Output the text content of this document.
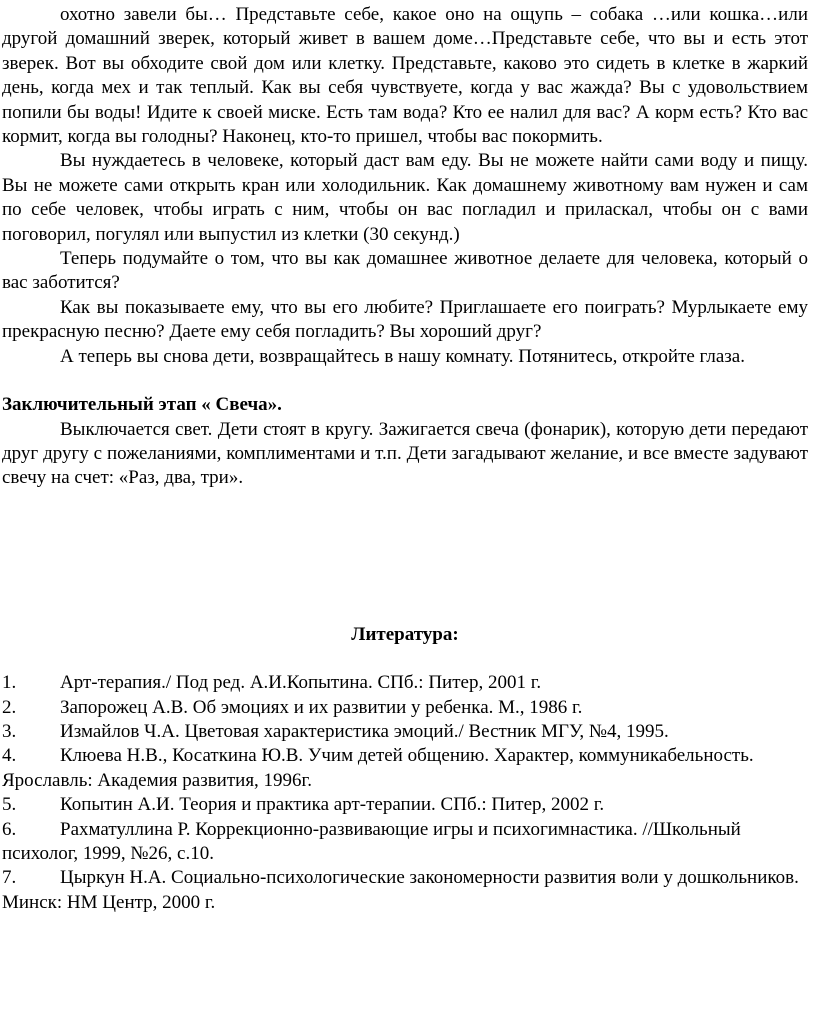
охотно завели бы… Представьте себе, какое оно на ощупь – собака …или кошка…или другой домашний зверек, который живет в вашем доме…Представьте себе, что вы и есть этот зверек. Вот вы обходите свой дом или клетку. Представьте, каково это сидеть в клетке в жаркий день, когда мех и так теплый. Как вы себя чувствуете, когда у вас жажда? Вы с удовольствием попили бы воды! Идите к своей миске. Есть там вода? Кто ее налил для вас? А корм есть? Кто вас кормит, когда вы голодны? Наконец, кто-то пришел, чтобы вас покормить.

Вы нуждаетесь в человеке, который даст вам еду. Вы не можете найти сами воду и пищу. Вы не можете сами открыть кран или холодильник. Как домашнему животному вам нужен и сам по себе человек, чтобы играть с ним, чтобы он вас погладил и приласкал, чтобы он с вами поговорил, погулял или выпустил из клетки (30 секунд.)

Теперь подумайте о том, что вы как домашнее животное делаете для человека, который о вас заботится?

Как вы показываете ему, что вы его любите? Приглашаете его поиграть? Мурлыкаете ему прекрасную песню? Даете ему себя погладить? Вы хороший друг?

А теперь вы снова дети, возвращайтесь в нашу комнату. Потянитесь, откройте глаза.

Заключительный этап « Свеча».

Выключается свет. Дети стоят в кругу. Зажигается свеча (фонарик), которую дети передают друг другу с пожеланиями, комплиментами и т.п. Дети загадывают желание, и все вместе задувают свечу на счет: «Раз, два, три».

Литература:
1. Арт-терапия./ Под ред. А.И.Копытина. СПб.: Питер, 2001 г.
2. Запорожец А.В. Об эмоциях и их развитии у ребенка. М., 1986 г.
3. Измайлов Ч.А. Цветовая характеристика эмоций./ Вестник МГУ, №4, 1995.
4. Клюева Н.В., Косаткина Ю.В. Учим детей общению. Характер, коммуникабельность. Ярославль: Академия развития, 1996г.
5. Копытин А.И. Теория и практика арт-терапии. СПб.: Питер, 2002 г.
6. Рахматуллина Р. Коррекционно-развивающие игры и психогимнастика. //Школьный психолог, 1999, №26, с.10.
7. Цыркун Н.А. Социально-психологические закономерности развития воли у дошкольников. Минск: НМ Центр, 2000 г.
